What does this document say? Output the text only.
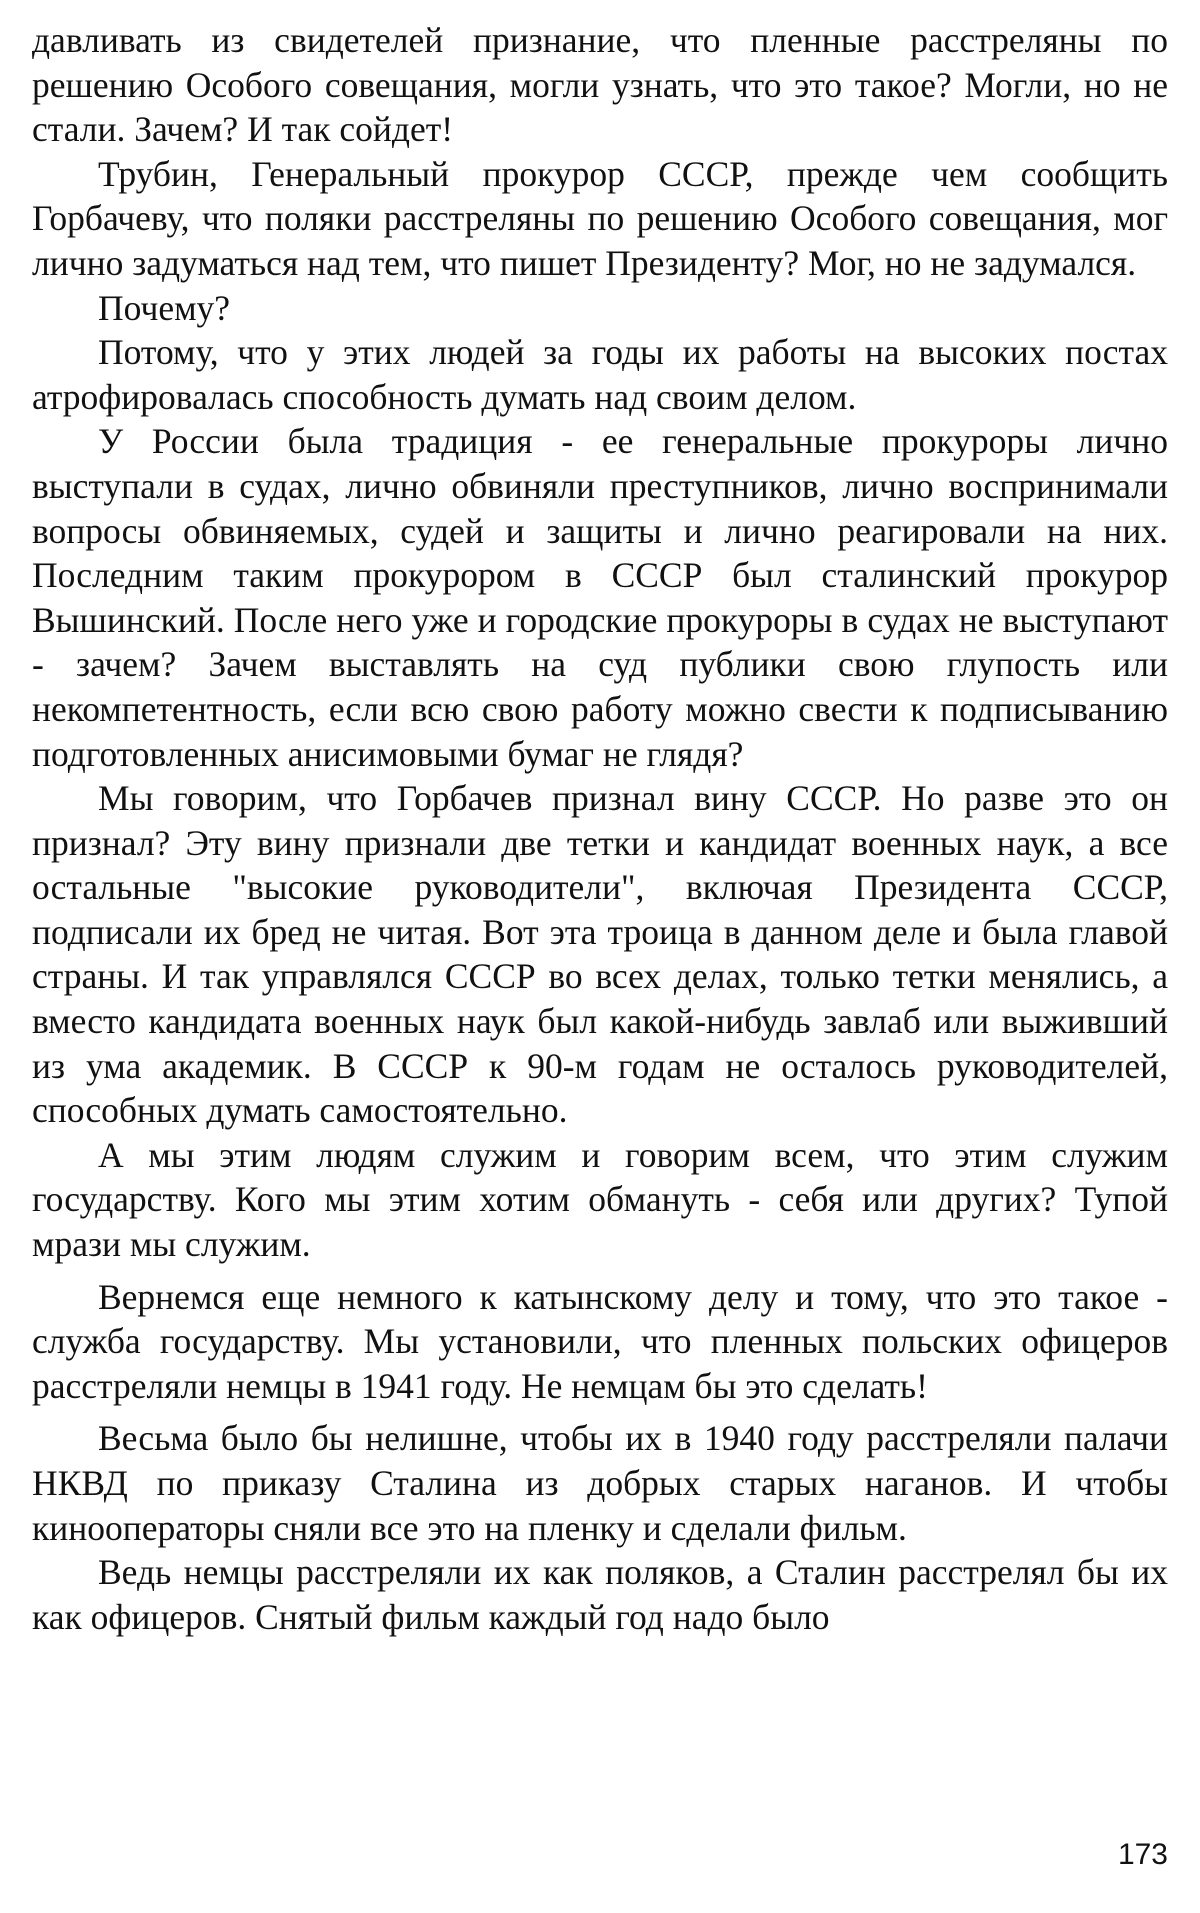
давливать из свидетелей признание, что пленные расстреляны по решению Особого совещания, могли узнать, что это такое? Могли, но не стали. Зачем? И так сойдет!

Трубин, Генеральный прокурор СССР, прежде чем сообщить Горбачеву, что поляки расстреляны по решению Особого совещания, мог лично задуматься над тем, что пишет Президенту? Мог, но не задумался.

Почему?

Потому, что у этих людей за годы их работы на высоких постах атрофировалась способность думать над своим делом.

У России была традиция - ее генеральные прокуроры лично выступали в судах, лично обвиняли преступников, лично воспринимали вопросы обвиняемых, судей и защиты и лично реагировали на них. Последним таким прокурором в СССР был сталинский прокурор Вышинский. После него уже и городские прокуроры в судах не выступают - зачем? Зачем выставлять на суд публики свою глупость или некомпетентность, если всю свою работу можно свести к подписыванию подготовленных анисимовыми бумаг не глядя?

Мы говорим, что Горбачев признал вину СССР. Но разве это он признал? Эту вину признали две тетки и кандидат военных наук, а все остальные "высокие руководители", включая Президента СССР, подписали их бред не читая. Вот эта троица в данном деле и была главой страны. И так управлялся СССР во всех делах, только тетки менялись, а вместо кандидата военных наук был какой-нибудь завлаб или выживший из ума академик. В СССР к 90-м годам не осталось руководителей, способных думать самостоятельно.

А мы этим людям служим и говорим всем, что этим служим государству. Кого мы этим хотим обмануть - себя или других? Тупой мрази мы служим.

Вернемся еще немного к катынскому делу и тому, что это такое - служба государству. Мы установили, что пленных польских офицеров расстреляли немцы в 1941 году. Не немцам бы это сделать!

Весьма было бы нелишне, чтобы их в 1940 году расстреляли палачи НКВД по приказу Сталина из добрых старых наганов. И чтобы кинооператоры сняли все это на пленку и сделали фильм.

Ведь немцы расстреляли их как поляков, а Сталин расстрелял бы их как офицеров. Снятый фильм каждый год надо было

173
